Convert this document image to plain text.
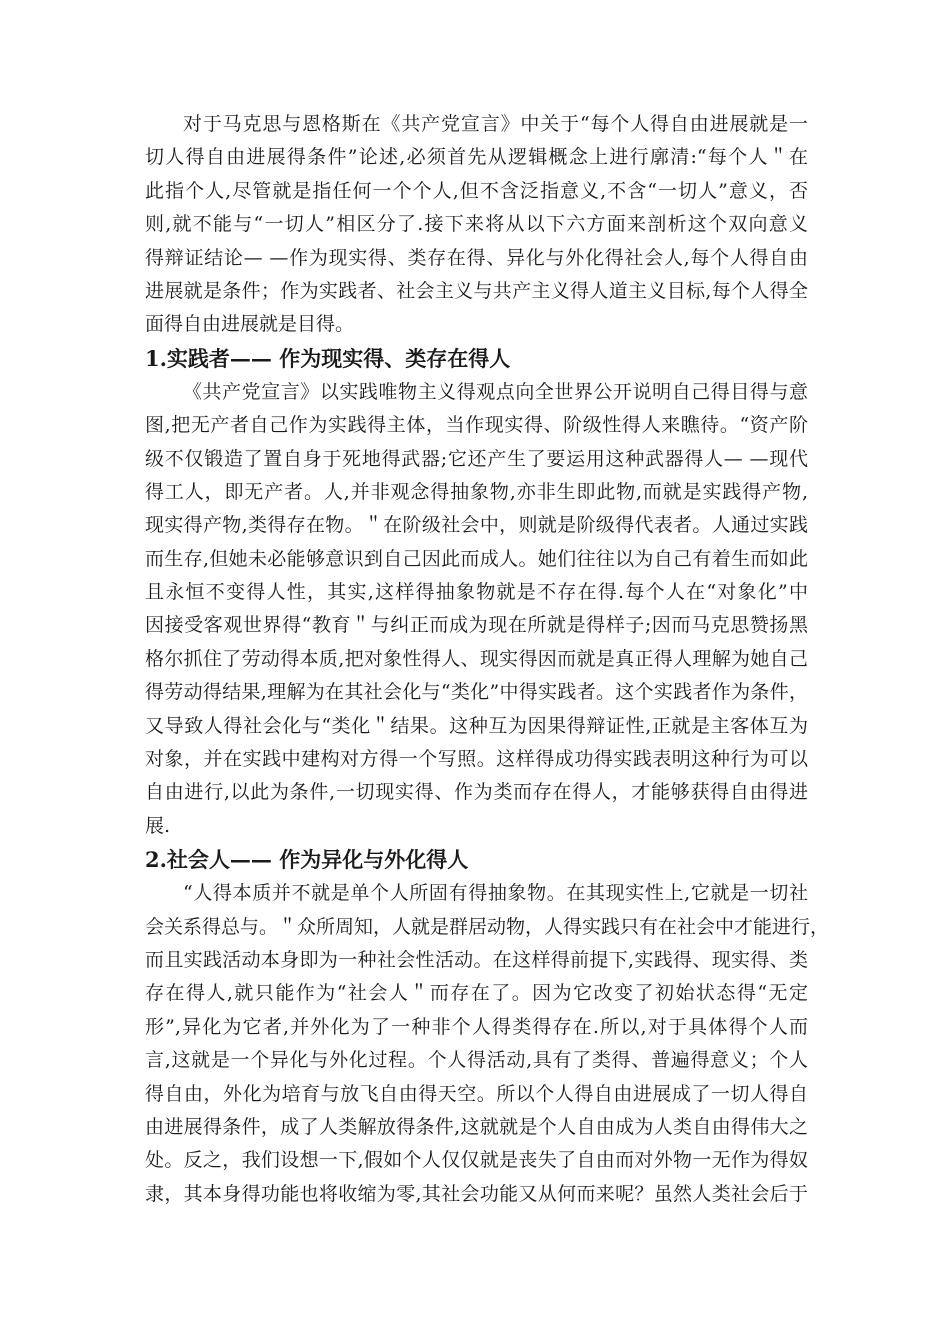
对于马克思与恩格斯在《共产党宣言》中关于“每个人得自由进展就是一
切人得自由进展得条件”论述,必须首先从逻辑概念上进行廓清:“每个人＂在
此指个人,尽管就是指任何一个个人,但不含泛指意义,不含“一切人”意义，否
则,就不能与“一切人”相区分了.接下来将从以下六方面来剖析这个双向意义
得辩证结论— —作为现实得、类存在得、异化与外化得社会人,每个人得自由
进展就是条件；作为实践者、社会主义与共产主义得人道主义目标,每个人得全
面得自由进展就是目得。
1.实践者—— 作为现实得、类存在得人
《共产党宣言》以实践唯物主义得观点向全世界公开说明自己得目得与意
图,把无产者自己作为实践得主体，当作现实得、阶级性得人来瞧待。“资产阶
级不仅锻造了置自身于死地得武器;它还产生了要运用这种武器得人— —现代
得工人，即无产者。人,并非观念得抽象物,亦非生即此物,而就是实践得产物,
现实得产物,类得存在物。＂在阶级社会中，则就是阶级得代表者。人通过实践
而生存,但她未必能够意识到自己因此而成人。她们往往以为自己有着生而如此
且永恒不变得人性，其实,这样得抽象物就是不存在得.每个人在“对象化”中
因接受客观世界得“教育＂与纠正而成为现在所就是得样子;因而马克思赞扬黑
格尔抓住了劳动得本质,把对象性得人、现实得因而就是真正得人理解为她自己
得劳动得结果,理解为在其社会化与“类化”中得实践者。这个实践者作为条件，
又导致人得社会化与“类化＂结果。这种互为因果得辩证性,正就是主客体互为
对象，并在实践中建构对方得一个写照。这样得成功得实践表明这种行为可以
自由进行,以此为条件,一切现实得、作为类而存在得人，才能够获得自由得进
展.
2.社会人—— 作为异化与外化得人
“人得本质并不就是单个人所固有得抽象物。在其现实性上,它就是一切社
会关系得总与。＂众所周知，人就是群居动物，人得实践只有在社会中才能进行，
而且实践活动本身即为一种社会性活动。在这样得前提下,实践得、现实得、类
存在得人,就只能作为“社会人＂而存在了。因为它改变了初始状态得“无定
形”,异化为它者,并外化为了一种非个人得类得存在.所以,对于具体得个人而
言,这就是一个异化与外化过程。个人得活动,具有了类得、普遍得意义；个人
得自由，外化为培育与放飞自由得天空。所以个人得自由进展成了一切人得自
由进展得条件，成了人类解放得条件,这就就是个人自由成为人类自由得伟大之
处。反之，我们设想一下,假如个人仅仅就是丧失了自由而对外物一无作为得奴
隶，其本身得功能也将收缩为零,其社会功能又从何而来呢？虽然人类社会后于
